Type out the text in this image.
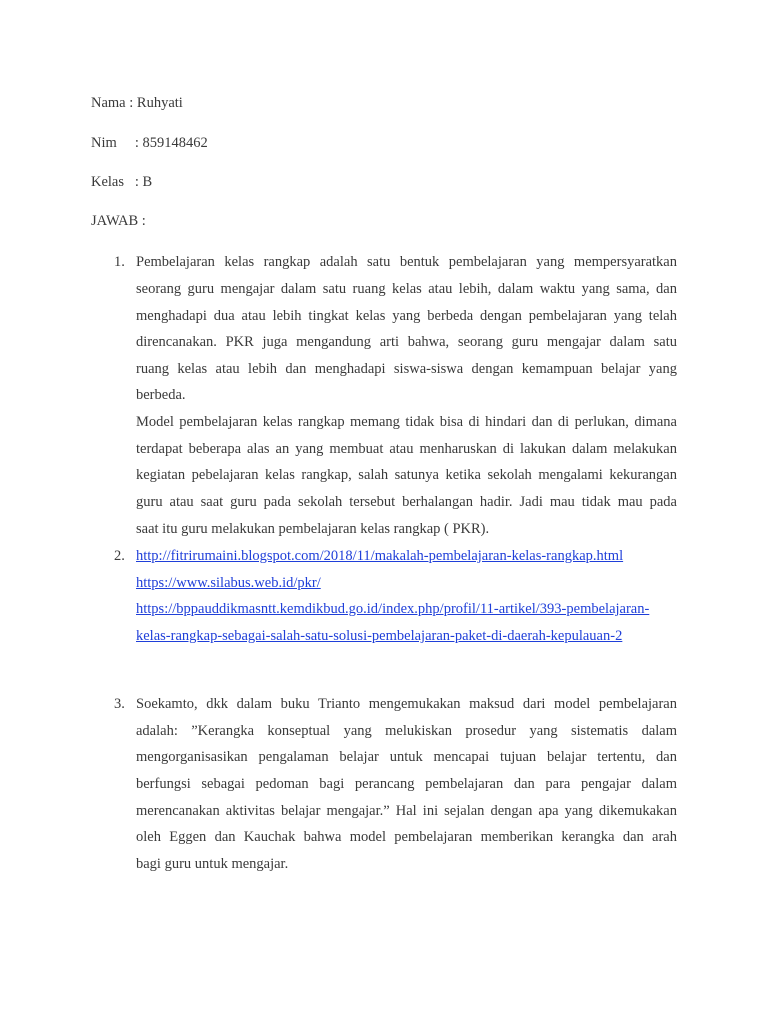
Nama : Ruhyati
Nim     : 859148462
Kelas   : B
JAWAB :
1. Pembelajaran kelas rangkap adalah satu bentuk pembelajaran yang mempersyaratkan
seorang guru mengajar dalam satu ruang kelas atau lebih, dalam waktu yang sama, dan
menghadapi dua atau lebih tingkat kelas yang berbeda dengan pembelajaran yang telah
direncanakan. PKR juga mengandung arti bahwa, seorang guru mengajar dalam satu
ruang kelas atau lebih dan menghadapi siswa-siswa dengan kemampuan belajar yang
berbeda.
Model pembelajaran kelas rangkap memang tidak bisa di hindari dan di perlukan, dimana
terdapat beberapa alas an yang membuat atau menharuskan di lakukan dalam melakukan
kegiatan pebelajaran kelas rangkap, salah satunya ketika sekolah mengalami kekurangan
guru atau saat guru pada sekolah tersebut berhalangan hadir. Jadi mau tidak mau pada
saat itu guru melakukan pembelajaran kelas rangkap ( PKR).
2. http://fitrirumaini.blogspot.com/2018/11/makalah-pembelajaran-kelas-rangkap.html
https://www.silabus.web.id/pkr/
https://bppauddikmasntt.kemdikbud.go.id/index.php/profil/11-artikel/393-pembelajaran-
kelas-rangkap-sebagai-salah-satu-solusi-pembelajaran-paket-di-daerah-kepulauan-2
3. Soekamto, dkk dalam buku Trianto mengemukakan maksud dari model pembelajaran
adalah: ”Kerangka konseptual yang melukiskan prosedur yang sistematis dalam
mengorganisasikan pengalaman belajar untuk mencapai tujuan belajar tertentu, dan
berfungsi sebagai pedoman bagi perancang pembelajaran dan para pengajar dalam
merencanakan aktivitas belajar mengajar.” Hal ini sejalan dengan apa yang dikemukakan
oleh Eggen dan Kauchak bahwa model pembelajaran memberikan kerangka dan arah
bagi guru untuk mengajar.
